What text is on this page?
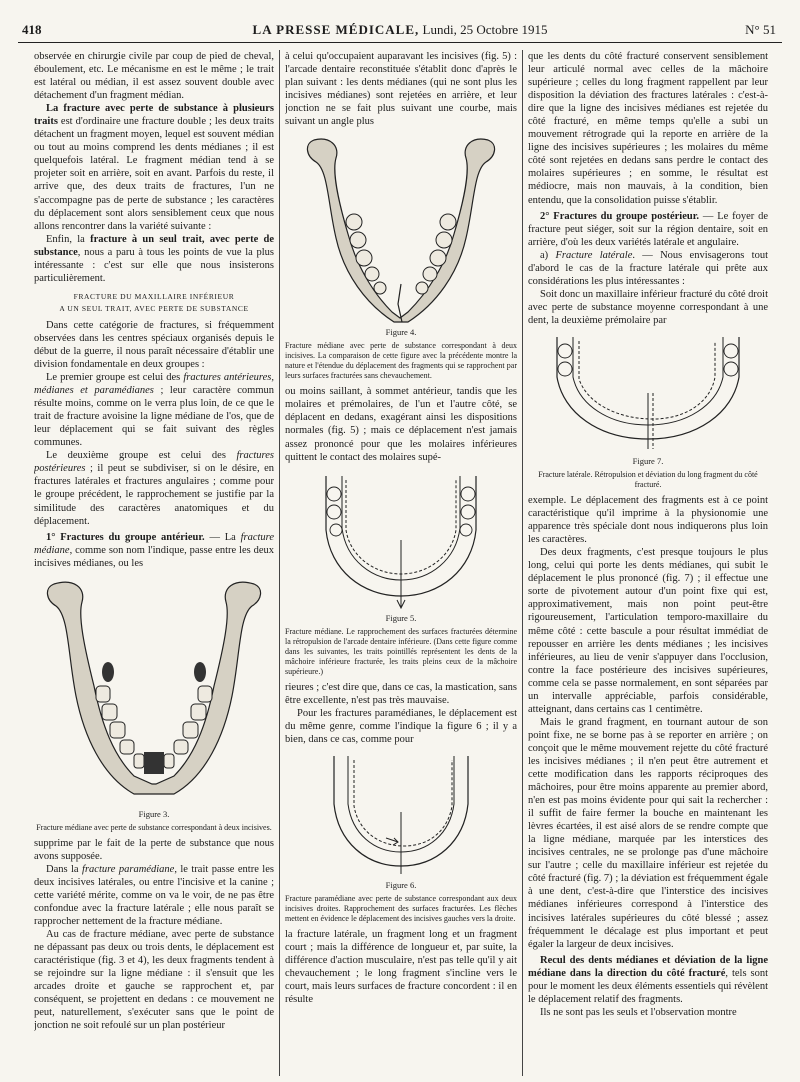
418	LA PRESSE MÉDICALE, Lundi, 25 Octobre 1915	N° 51

observée en chirurgie civile par coup de pied de cheval, éboulement, etc. Le mécanisme en est le même ; le trait est latéral ou médian, il est assez souvent double avec détachement d'un fragment médian.

La fracture avec perte de substance à plusieurs traits est d'ordinaire une fracture double ; les deux traits détachent un fragment moyen, lequel est souvent médian ou tout au moins comprend les dents médianes ; il est quelquefois latéral. Le fragment médian tend à se projeter soit en arrière, soit en avant. Parfois du reste, il arrive que, des deux traits de fractures, l'un ne s'accompagne pas de perte de substance ; les caractères du déplacement sont alors sensiblement ceux que nous allons rencontrer dans la variété suivante :

Enfin, la fracture à un seul trait, avec perte de substance, nous a paru à tous les points de vue la plus intéressante : c'est sur elle que nous insisterons particulièrement.

FRACTURE DU MAXILLAIRE INFÉRIEUR
A UN SEUL TRAIT, AVEC PERTE DE SUBSTANCE

Dans cette catégorie de fractures, si fréquemment observées dans les centres spéciaux organisés depuis le début de la guerre, il nous paraît nécessaire d'établir une division fondamentale en deux groupes :

Le premier groupe est celui des fractures antérieures, médianes et paramédianes ; leur caractère commun résulte moins, comme on le verra plus loin, de ce que le trait de fracture avoisine la ligne médiane de l'os, que de leur déplacement qui se fait suivant des règles communes.

Le deuxième groupe est celui des fractures postérieures ; il peut se subdiviser, si on le désire, en fractures latérales et fractures angulaires ; comme pour le groupe précédent, le rapprochement se justifie par la similitude des caractères anatomiques et du déplacement.

1° Fractures du groupe antérieur. — La fracture médiane, comme son nom l'indique, passe entre les deux incisives médianes, ou les

Figure 3.
Fracture médiane avec perte de substance correspondant à deux incisives.

supprime par le fait de la perte de substance que nous avons supposée.

Dans la fracture paramédiane, le trait passe entre les deux incisives latérales, ou entre l'incisive et la canine ; cette variété mérite, comme on va le voir, de ne pas être confondue avec la fracture latérale ; elle nous paraît se rapprocher nettement de la fracture médiane.

Au cas de fracture médiane, avec perte de substance ne dépassant pas deux ou trois dents, le déplacement est caractéristique (fig. 3 et 4), les deux fragments tendent à se rejoindre sur la ligne médiane : il s'ensuit que les arcades droite et gauche se rapprochent et, par conséquent, se projettent en dedans : ce mouvement ne peut, naturellement, s'exécuter sans que le point de jonction ne soit refoulé sur un plan postérieur

à celui qu'occupaient auparavant les incisives (fig. 5) : l'arcade dentaire reconstituée s'établit donc d'après le plan suivant : les dents médianes (qui ne sont plus les incisives médianes) sont rejetées en arrière, et leur jonction ne se fait plus suivant une courbe, mais suivant un angle plus

Figure 4.
Fracture médiane avec perte de substance correspondant à deux incisives. La comparaison de cette figure avec la précédente montre la nature et l'étendue du déplacement des fragments qui se rapprochent par leurs surfaces fracturées sans chevauchement.

ou moins saillant, à sommet antérieur, tandis que les molaires et prémolaires, de l'un et l'autre côté, se déplacent en dedans, exagérant ainsi les dispositions normales (fig. 5) ; mais ce déplacement n'est jamais assez prononcé pour que les molaires inférieures quittent le contact des molaires supé-

Figure 5.
Fracture médiane. Le rapprochement des surfaces fracturées détermine la rétropulsion de l'arcade dentaire inférieure. (Dans cette figure comme dans les suivantes, les traits pointillés représentent les dents de la mâchoire inférieure fracturée, les traits pleins ceux de la mâchoire supérieure.)

rieures ; c'est dire que, dans ce cas, la mastication, sans être excellente, n'est pas très mauvaise.

Pour les fractures paramédianes, le déplacement est du même genre, comme l'indique la figure 6 ; il y a bien, dans ce cas, comme pour

Figure 6.
Fracture paramédiane avec perte de substance correspondant aux deux incisives droites. Rapprochement des surfaces fracturées. Les flèches mettent en évidence le déplacement des incisives gauches vers la droite.

la fracture latérale, un fragment long et un fragment court ; mais la différence de longueur et, par suite, la différence d'action musculaire, n'est pas telle qu'il y ait chevauchement ; le long fragment s'incline vers le court, mais leurs surfaces de fracture concordent : il en résulte

que les dents du côté fracturé conservent sensiblement leur articulé normal avec celles de la mâchoire supérieure ; celles du long fragment rappellent par leur disposition la déviation des fractures latérales : c'est-à-dire que la ligne des incisives médianes est rejetée du côté fracturé, en même temps qu'elle a subi un mouvement rétrograde qui la reporte en arrière de la ligne des incisives supérieures ; les molaires du même côté sont rejetées en dedans sans perdre le contact des molaires supérieures ; en somme, le résultat est médiocre, mais non mauvais, à la condition, bien entendu, que la consolidation puisse s'établir.

2° Fractures du groupe postérieur. — Le foyer de fracture peut siéger, soit sur la région dentaire, soit en arrière, d'où les deux variétés latérale et angulaire.

a) Fracture latérale. — Nous envisagerons tout d'abord le cas de la fracture latérale qui prête aux considérations les plus intéressantes :

Soit donc un maxillaire inférieur fracturé du côté droit avec perte de substance moyenne correspondant à une dent, la deuxième prémolaire par

Figure 7.
Fracture latérale. Rétropulsion et déviation du long fragment du côté fracturé.

exemple. Le déplacement des fragments est à ce point caractéristique qu'il imprime à la physionomie une apparence très spéciale dont nous indiquerons plus loin les caractères.

Des deux fragments, c'est presque toujours le plus long, celui qui porte les dents médianes, qui subit le déplacement le plus prononcé (fig. 7) ; il effectue une sorte de pivotement autour d'un point fixe qui est, approximativement, mais non point peut-être rigoureusement, l'articulation temporo-maxillaire du même côté : cette bascule a pour résultat immédiat de repousser en arrière les dents médianes ; les incisives inférieures, au lieu de venir s'appuyer dans l'occlusion, contre la face postérieure des incisives supérieures, comme cela se passe normalement, en sont séparées par un intervalle appréciable, parfois considérable, atteignant, dans certains cas 1 centimètre.

Mais le grand fragment, en tournant autour de son point fixe, ne se borne pas à se reporter en arrière ; on conçoit que le même mouvement rejette du côté fracturé les incisives médianes ; il n'en peut être autrement et cette modification dans les rapports réciproques des mâchoires, pour être moins apparente au premier abord, n'en est pas moins évidente pour qui sait la rechercher : il suffit de faire fermer la bouche en maintenant les lèvres écartées, il est aisé alors de se rendre compte que la ligne médiane, marquée par les interstices des incisives centrales, ne se prolonge pas d'une mâchoire sur l'autre ; celle du maxillaire inférieur est rejetée du côté fracturé (fig. 7) ; la déviation est fréquemment égale à une dent, c'est-à-dire que l'interstice des incisives médianes inférieures correspond à l'interstice des incisives latérales supérieures du côté blessé ; assez fréquemment le décalage est plus important et peut égaler la largeur de deux incisives.

Recul des dents médianes et déviation de la ligne médiane dans la direction du côté fracturé, tels sont pour le moment les deux éléments essentiels qui révèlent le déplacement relatif des fragments.

Ils ne sont pas les seuls et l'observation montre
